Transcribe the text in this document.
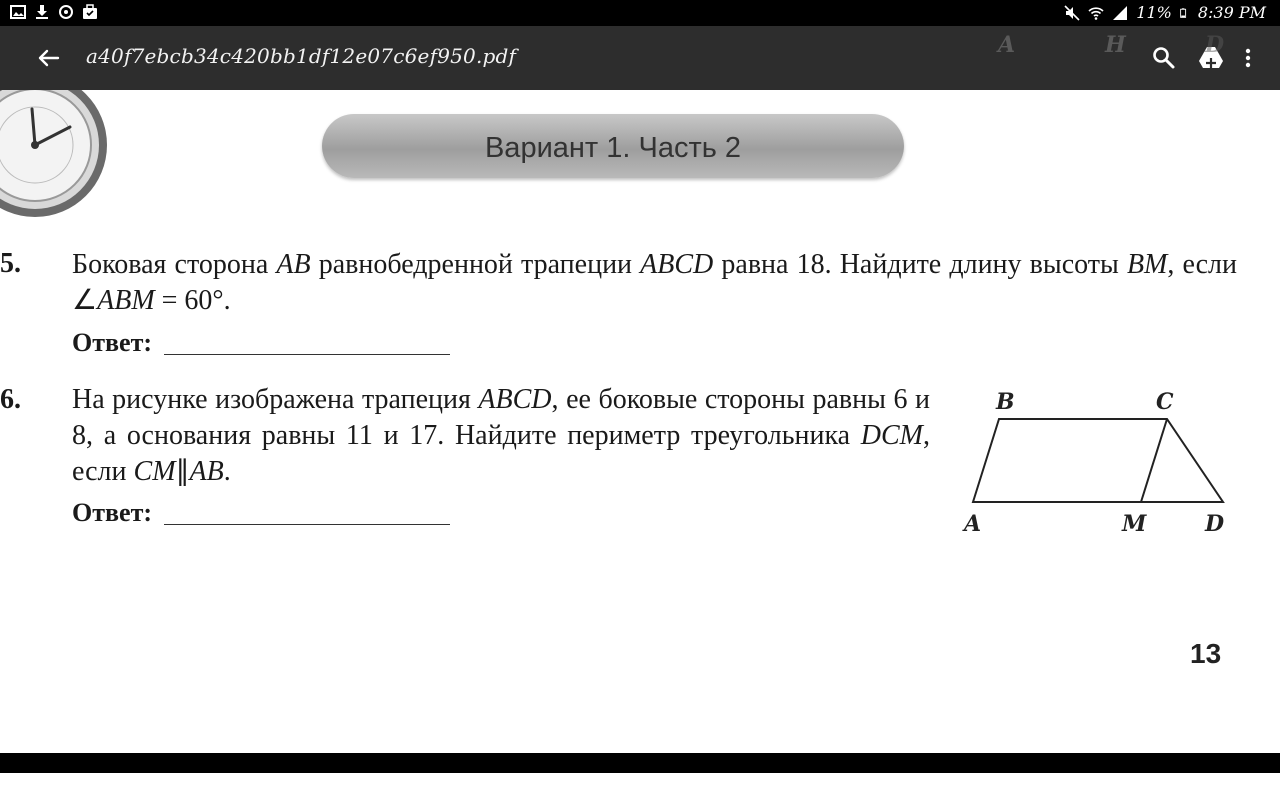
11% 8:39 PM
a40f7ebcb34c420bb1df12e07c6ef950.pdf
Вариант 1. Часть 2
5. Боковая сторона AB равнобедренной трапеции ABCD равна 18. Найдите длину высоты BM, если ∠ABM = 60°.
Ответ:
6. На рисунке изображена трапеция ABCD, ее боковые стороны равны 6 и 8, а основания равны 11 и 17. Найдите периметр треугольника DCM, если CM∥AB.
Ответ:
B	C
A	M	D
13
A	H	D
